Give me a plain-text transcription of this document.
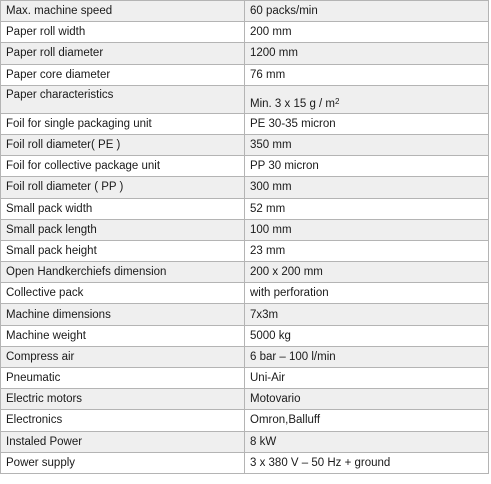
Max. machine speed	60 packs/min
Paper roll width	200 mm
Paper roll diameter	1200 mm
Paper core diameter	76 mm
Paper characteristics	Min. 3 x 15 g / $m^2$
Foil for single packaging unit	PE 30-35 micron
Foil roll diameter( PE )	350 mm
Foil for collective package unit	PP 30 micron
Foil roll diameter ( PP )	300 mm
Small pack width	52 mm
Small pack length	100 mm
Small pack height	23 mm
Open Handkerchiefs dimension	200 x 200 mm
Collective pack	with perforation
Machine dimensions	7x3m
Machine weight	5000 kg
Compress air	6 bar – 100 l/min
Pneumatic	Uni-Air
Electric motors	Motovario
Electronics	Omron,Balluff
Instaled Power	8 kW
Power supply	3 x 380 V – 50 Hz + ground
